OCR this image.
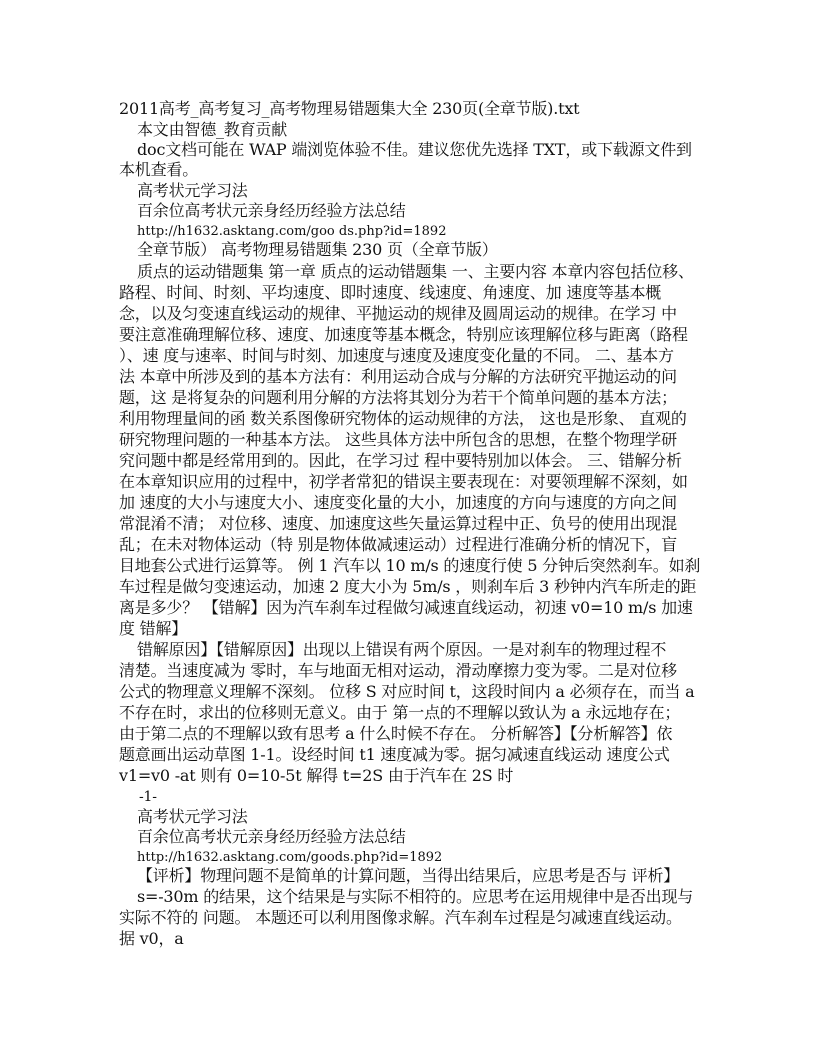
2011高考_高考复习_高考物理易错题集大全 230页(全章节版).txt
本文由智德_教育贡献
doc文档可能在 WAP 端浏览体验不佳。建议您优先选择 TXT，或下载源文件到
本机查看。
高考状元学习法
百余位高考状元亲身经历经验方法总结
http://h1632.asktang.com/goo ds.php?id=1892
全章节版） 高考物理易错题集 230 页（全章节版）
质点的运动错题集 第一章 质点的运动错题集 一、主要内容 本章内容包括位移、
路程、时间、时刻、平均速度、即时速度、线速度、角速度、加 速度等基本概
念，以及匀变速直线运动的规律、平抛运动的规律及圆周运动的规律。在学习 中
要注意准确理解位移、速度、加速度等基本概念，特别应该理解位移与距离（路程
）、速 度与速率、时间与时刻、加速度与速度及速度变化量的不同。 二、基本方
法 本章中所涉及到的基本方法有：利用运动合成与分解的方法研究平抛运动的问
题，这 是将复杂的问题利用分解的方法将其划分为若干个简单问题的基本方法；
利用物理量间的函 数关系图像研究物体的运动规律的方法， 这也是形象、 直观的
研究物理问题的一种基本方法。 这些具体方法中所包含的思想，在整个物理学研
究问题中都是经常用到的。因此，在学习过 程中要特别加以体会。 三、错解分析
在本章知识应用的过程中，初学者常犯的错误主要表现在：对要领理解不深刻，如
加 速度的大小与速度大小、速度变化量的大小，加速度的方向与速度的方向之间
常混淆不清； 对位移、速度、加速度这些矢量运算过程中正、负号的使用出现混
乱；在未对物体运动（特 别是物体做减速运动）过程进行准确分析的情况下，盲
目地套公式进行运算等。 例 1 汽车以 10 m/s 的速度行使 5 分钟后突然刹车。如刹
车过程是做匀变速运动，加速 2 度大小为 5m/s ，则刹车后 3 秒钟内汽车所走的距
离是多少？ 【错解】因为汽车刹车过程做匀减速直线运动，初速 v0=10 m/s 加速
度 错解】
错解原因】【错解原因】出现以上错误有两个原因。一是对刹车的物理过程不
清楚。当速度减为 零时，车与地面无相对运动，滑动摩擦力变为零。二是对位移
公式的物理意义理解不深刻。 位移 S 对应时间 t，这段时间内 a 必须存在，而当 a
不存在时，求出的位移则无意义。由于 第一点的不理解以致认为 a 永远地存在；
由于第二点的不理解以致有思考 a 什么时候不存在。 分析解答】【分析解答】依
题意画出运动草图 1-1。设经时间 t1 速度减为零。据匀减速直线运动 速度公式
v1=v0 -at 则有 0=10-5t 解得 t=2S 由于汽车在 2S 时
-1-
高考状元学习法
百余位高考状元亲身经历经验方法总结
http://h1632.asktang.com/goods.php?id=1892
【评析】物理问题不是简单的计算问题，当得出结果后，应思考是否与 评析】
s=-30m 的结果，这个结果是与实际不相符的。应思考在运用规律中是否出现与
实际不符的 问题。 本题还可以利用图像求解。汽车刹车过程是匀减速直线运动。
据 v0，a
